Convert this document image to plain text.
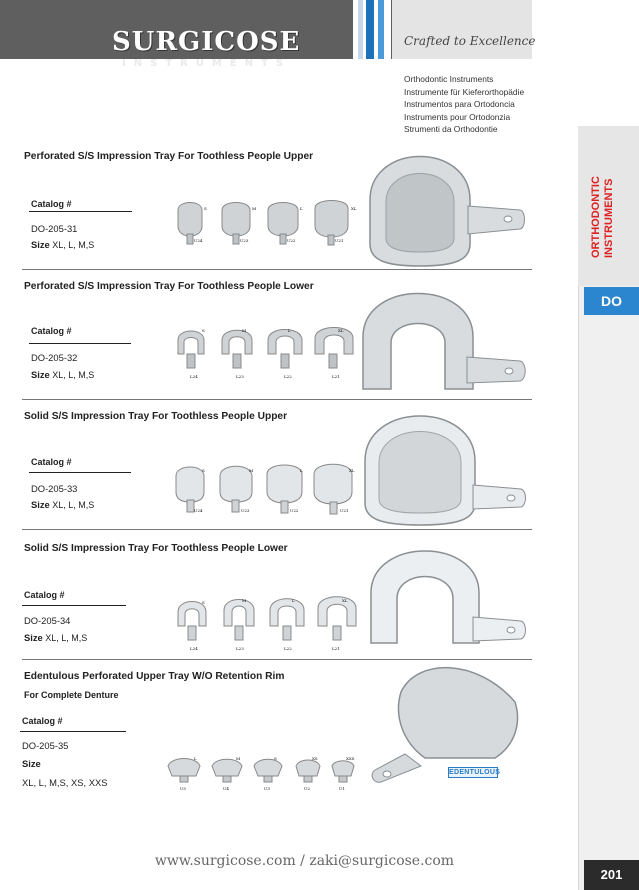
SURGICOSE
INSTRUMENTS
Crafted to Excellence
Orthodontic Instruments
Instrumente für Kieferorthopädie
Instrumentos para Ortodoncia
Instruments pour Ortodonzia
Strumenti da Orthodontie
ORTHODONTIC INSTRUMENTS
DO
201
Perforated S/S Impression Tray For Toothless People Upper
Catalog #
DO-205-31
Size XL, L, M,S
S	M	L	XL
U24	U23	U22	U21
Perforated S/S Impression Tray For Toothless People Lower
Catalog #
DO-205-32
Size XL, L, M,S
S	M	L	XL
L24	L23	L22	L21
Solid S/S Impression Tray For Toothless People Upper
Catalog #
DO-205-33
Size XL, L, M,S
S	M	L	XL
U24	U23	U22	U21
Solid S/S Impression Tray For Toothless People Lower
Catalog #
DO-205-34
Size XL, L, M,S
S	M	L	XL
L24	L23	L22	L21
Edentulous Perforated Upper Tray W/O Retention Rim
For Complete Denture
Catalog #
DO-205-35
Size
XL, L, M,S, XS, XXS
L	M	S	XS	XXS
U5	U4	U3	U2	U1
EDENTULOUS
www.surgicose.com / zaki@surgicose.com
